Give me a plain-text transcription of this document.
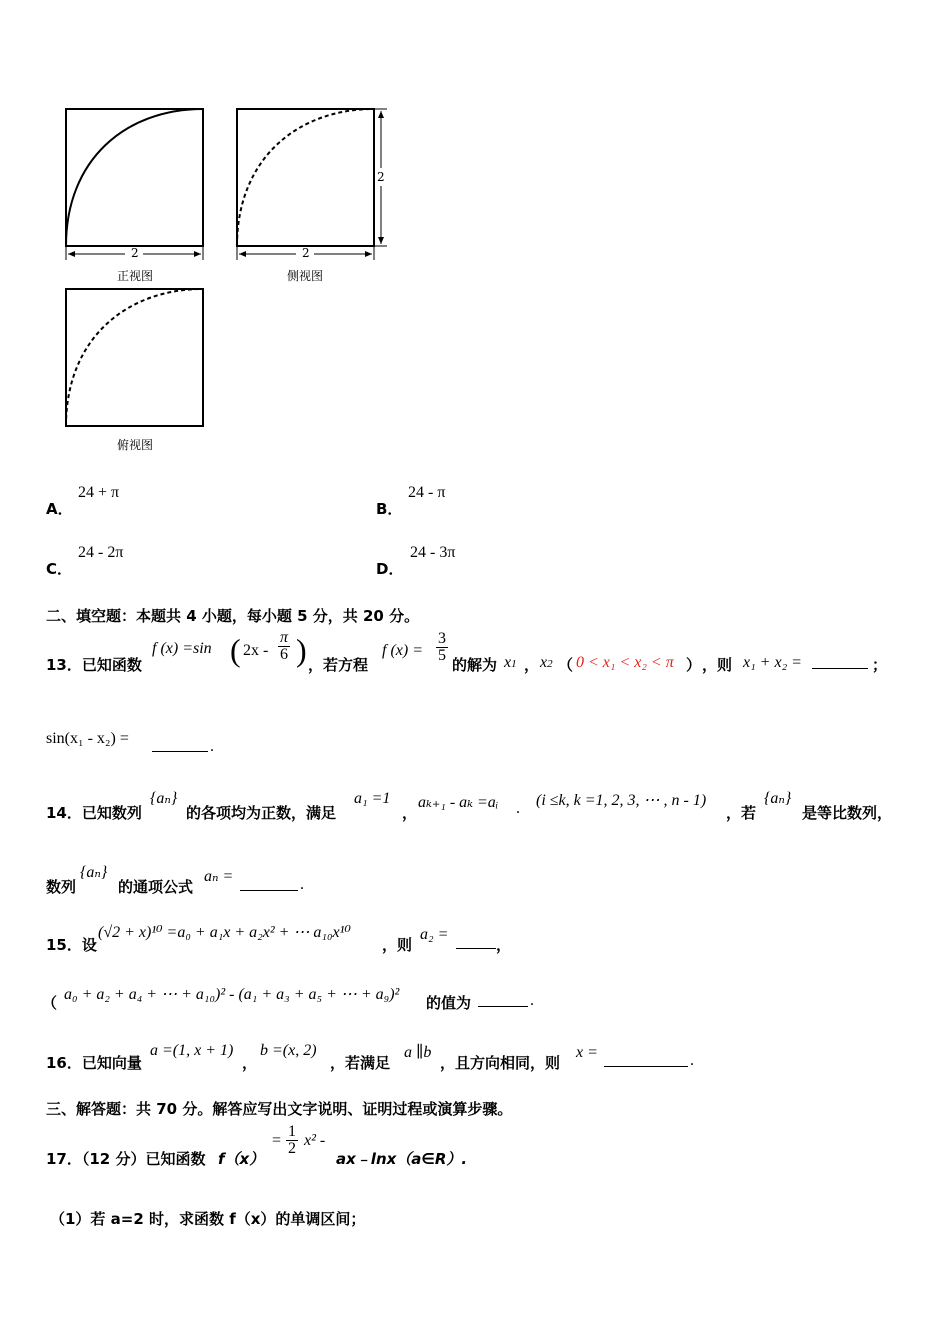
2	2
2
正视图	侧视图
俯视图
A．
24 + π
B．
24 - π
C．
24 - 2π
D．
24 - 3π
二、填空题：本题共 4 小题，每小题 5 分，共 20 分。
13．已知函数
f (x) =sin ( $2x - \frac{\pi}{6}$ ) ，若方程
f $(x) = \frac{3}{5}$
的解为 x1 ， x2 （ 0 < x₁ < x₂ < π ） ，则 x₁ + x₂ =	；
sin(x₁ - x₂) =	.
14．已知数列
{aₙ}
的各项均为正数，满足
a₁ =1
，
aₖ₊₁ - aₖ =aᵢ . (i ≤k, k =1, 2, 3, ⋯ , n - 1)
，若
{aₙ}
是等比数列，
数列
{aₙ}
的通项公式
aₙ =	.
15．设
(√2 + x)¹⁰ =a₀ + a₁x + a₂x² + ⋯ a₁₀x¹⁰
，则
a₂ =
，
（ a₀ + a₂ + a₄ + ⋯ + a₁₀)² - (a₁ + a₃ + a₅ + ⋯ + a₉)² 的值为	.
16．已知向量
a =(1, x + 1)
，
b =(x, 2)
，若满足
a ∥b
，且方向相同，则
x =	.
三、解答题：共 70 分。解答应写出文字说明、证明过程或演算步骤。
17．（12 分）已知函数 f（x）
= $\frac{1}{2} x^2$ -
ax﹣lnx（a∈R）.
（1）若 a=2 时，求函数 f（x）的单调区间；
